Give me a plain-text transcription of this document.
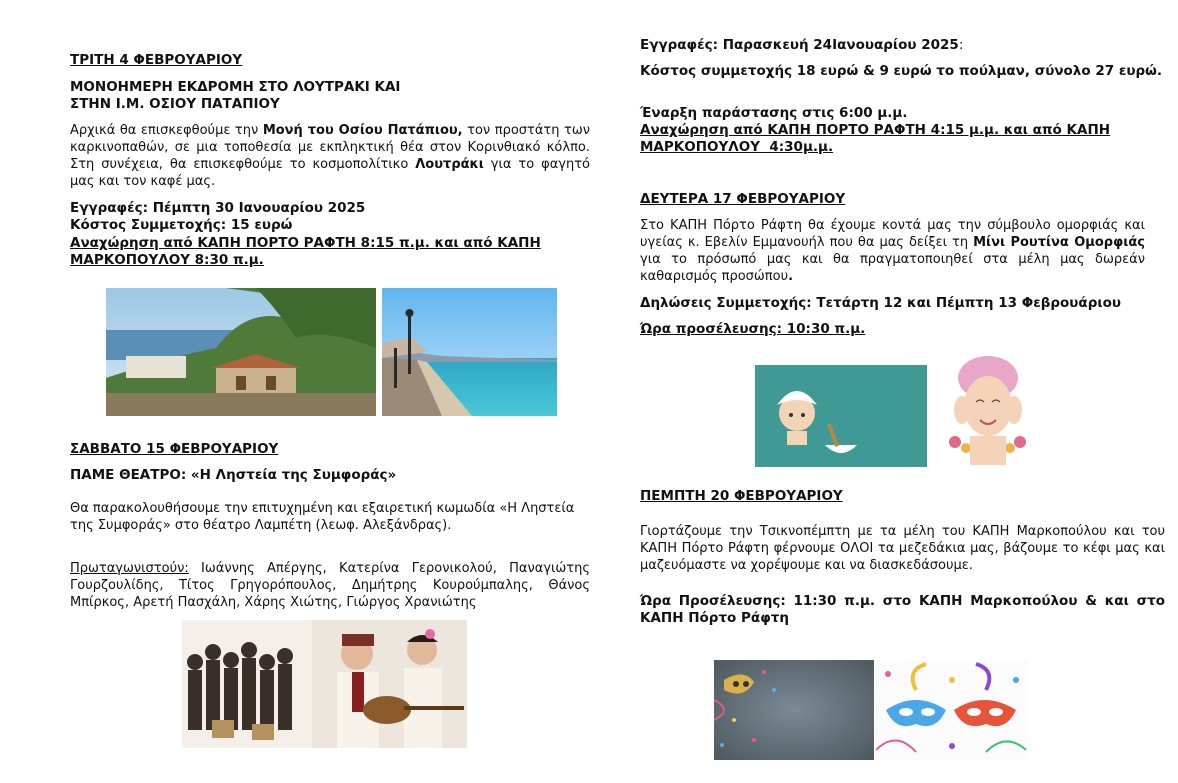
ΤΡΙΤΗ 4 ΦΕΒΡΟΥΑΡΙΟΥ
ΜΟΝΟΗΜΕΡΗ ΕΚΔΡΟΜΗ ΣΤΟ ΛΟΥΤΡΑΚΙ ΚΑΙ
ΣΤΗΝ Ι.Μ. ΟΣΙΟΥ ΠΑΤΑΠΙΟΥ

Αρχικά θα επισκεφθούμε την Μονή του Οσίου Πατάπιου, τον προστάτη των καρκινοπαθών, σε μια τοποθεσία με εκπληκτική θέα στον Κορινθιακό κόλπο. Στη συνέχεια, θα επισκεφθούμε το κοσμοπολίτικο Λουτράκι για το φαγητό μας και τον καφέ μας.

Εγγραφές: Πέμπτη 30 Ιανουαρίου 2025
Κόστος Συμμετοχής: 15 ευρώ
Αναχώρηση από ΚΑΠΗ ΠΟΡΤΟ ΡΑΦΤΗ 8:15 π.μ. και από ΚΑΠΗ
ΜΑΡΚΟΠΟΥΛΟΥ 8:30 π.μ.
ΣΑΒΒΑΤΟ 15 ΦΕΒΡΟΥΑΡΙΟΥ
ΠΑΜΕ ΘΕΑΤΡΟ: «Η Ληστεία της Συμφοράς»

Θα παρακολουθήσουμε την επιτυχημένη και εξαιρετική κωμωδία «Η Ληστεία της Συμφοράς» στο θέατρο Λαμπέτη (λεωφ. Αλεξάνδρας).

Πρωταγωνιστούν: Ιωάννης Απέργης, Κατερίνα Γερονικολού, Παναγιώτης Γουρζουλίδης, Τίτος Γρηγορόπουλος, Δημήτρης Κουρούμπαλης, Θάνος Μπίρκος, Αρετή Πασχάλη, Χάρης Χιώτης, Γιώργος Χρανιώτης

Εγγραφές: Παρασκευή 24Ιανουαρίου 2025:
Κόστος συμμετοχής 18 ευρώ & 9 ευρώ το πούλμαν, σύνολο 27 ευρώ.
Έναρξη παράστασης στις 6:00 μ.μ.
Αναχώρηση από ΚΑΠΗ ΠΟΡΤΟ ΡΑΦΤΗ 4:15 μ.μ. και από ΚΑΠΗ
ΜΑΡΚΟΠΟΥΛΟΥ  4:30μ.μ.
ΔΕΥΤΕΡΑ 17 ΦΕΒΡΟΥΑΡΙΟΥ

Στο ΚΑΠΗ Πόρτο Ράφτη θα έχουμε κοντά μας την σύμβουλο ομορφιάς και υγείας κ. Εβελίν Εμμανουήλ που θα μας δείξει τη Μίνι Ρουτίνα Ομορφιάς για το πρόσωπό μας και θα πραγματοποιηθεί στα μέλη μας δωρεάν καθαρισμός προσώπου.

Δηλώσεις Συμμετοχής: Τετάρτη 12 και Πέμπτη 13 Φεβρουάριου
Ώρα προσέλευσης: 10:30 π.μ.
ΠΕΜΠΤΗ 20 ΦΕΒΡΟΥΑΡΙΟΥ

Γιορτάζουμε την Τσικνοπέμπτη με τα μέλη του ΚΑΠΗ Μαρκοπούλου και του ΚΑΠΗ Πόρτο Ράφτη φέρνουμε ΟΛΟΙ τα μεζεδάκια μας, βάζουμε το κέφι μας και μαζευόμαστε να χορέψουμε και να διασκεδάσουμε.

Ώρα Προσέλευσης: 11:30 π.μ. στο ΚΑΠΗ Μαρκοπούλου & και στο ΚΑΠΗ Πόρτο Ράφτη
